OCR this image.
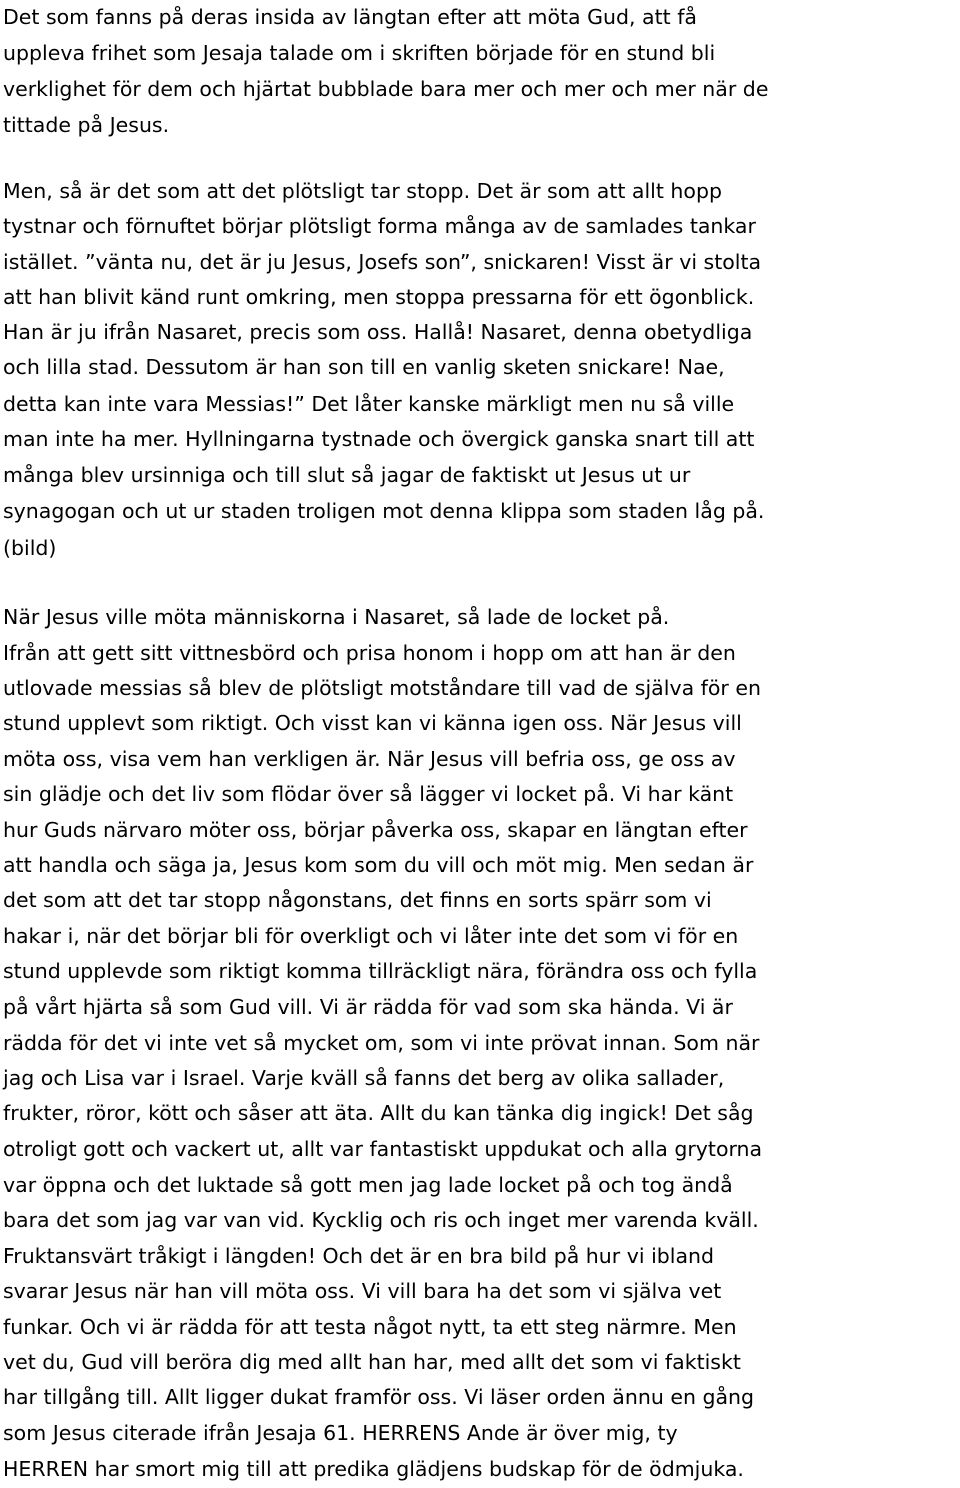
Det som fanns på deras insida av längtan efter att möta Gud, att få

uppleva frihet som Jesaja talade om i skriften började för en stund bli

verklighet för dem och hjärtat bubblade bara mer och mer och mer när de

tittade på Jesus.

Men, så är det som att det plötsligt tar stopp. Det är som att allt hopp

tystnar och förnuftet börjar plötsligt forma många av de samlades tankar

istället. ”vänta nu, det är ju Jesus, Josefs son”, snickaren! Visst är vi stolta

att han blivit känd runt omkring, men stoppa pressarna för ett ögonblick.

Han är ju ifrån Nasaret, precis som oss. Hallå! Nasaret, denna obetydliga

och lilla stad. Dessutom är han son till en vanlig sketen snickare! Nae,

detta kan inte vara Messias!” Det låter kanske märkligt men nu så ville

man inte ha mer. Hyllningarna tystnade och övergick ganska snart till att

många blev ursinniga och till slut så jagar de faktiskt ut Jesus ut ur

synagogan och ut ur staden troligen mot denna klippa som staden låg på.

(bild)

När Jesus ville möta människorna i Nasaret, så lade de locket på.

Ifrån att gett sitt vittnesbörd och prisa honom i hopp om att han är den

utlovade messias så blev de plötsligt motståndare till vad de själva för en

stund upplevt som riktigt. Och visst kan vi känna igen oss. När Jesus vill

möta oss, visa vem han verkligen är. När Jesus vill befria oss, ge oss av

sin glädje och det liv som flödar över så lägger vi locket på. Vi har känt

hur Guds närvaro möter oss, börjar påverka oss, skapar en längtan efter

att handla och säga ja, Jesus kom som du vill och möt mig. Men sedan är

det som att det tar stopp någonstans, det finns en sorts spärr som vi

hakar i, när det börjar bli för overkligt och vi låter inte det som vi för en

stund upplevde som riktigt komma tillräckligt nära, förändra oss och fylla

på vårt hjärta så som Gud vill. Vi är rädda för vad som ska hända. Vi är

rädda för det vi inte vet så mycket om, som vi inte prövat innan. Som när

jag och Lisa var i Israel. Varje kväll så fanns det berg av olika sallader,

frukter, röror, kött och såser att äta. Allt du kan tänka dig ingick! Det såg

otroligt gott och vackert ut, allt var fantastiskt uppdukat och alla grytorna

var öppna och det luktade så gott men jag lade locket på och tog ändå

bara det som jag var van vid. Kycklig och ris och inget mer varenda kväll.

Fruktansvärt tråkigt i längden! Och det är en bra bild på hur vi ibland

svarar Jesus när han vill möta oss. Vi vill bara ha det som vi själva vet

funkar. Och vi är rädda för att testa något nytt, ta ett steg närmre. Men

vet du, Gud vill beröra dig med allt han har, med allt det som vi faktiskt

har tillgång till. Allt ligger dukat framför oss. Vi läser orden ännu en gång

som Jesus citerade ifrån Jesaja 61. HERRENS Ande är över mig, ty

HERREN har smort mig till att predika glädjens budskap för de ödmjuka.
